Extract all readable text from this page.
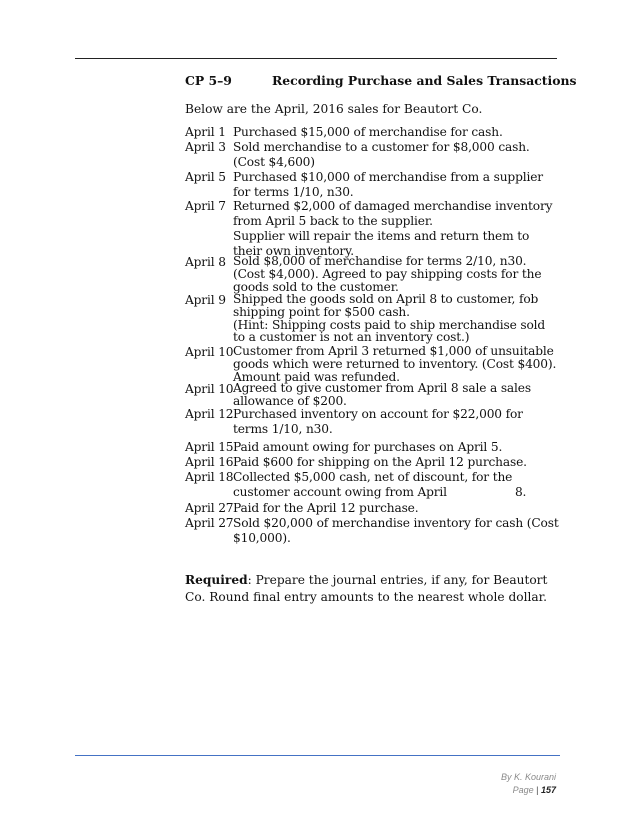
CP 5–9	Recording Purchase and Sales Transactions
Below are the April, 2016 sales for Beautort Co.
April 1 Purchased $15,000 of merchandise for cash.
April 3 Sold merchandise to a customer for $8,000 cash. (Cost $4,600)
April 5 Purchased $10,000 of merchandise from a supplier for terms 1/10, n30.
April 7 Returned $2,000 of damaged merchandise inventory from April 5 back to the supplier.
Supplier will repair the items and return them to their own inventory.
April 8 Sold $8,000 of merchandise for terms 2/10, n30. (Cost $4,000). Agreed to pay shipping costs for the goods sold to the customer.
April 9 Shipped the goods sold on April 8 to customer, fob shipping point for $500 cash.
(Hint: Shipping costs paid to ship merchandise sold to a customer is not an inventory cost.)
April 10 Customer from April 3 returned $1,000 of unsuitable goods which were returned to inventory. (Cost $400). Amount paid was refunded.
April 10 Agreed to give customer from April 8 sale a sales allowance of $200.
April 12 Purchased inventory on account for $22,000 for terms 1/10, n30.
April 15 Paid amount owing for purchases on April 5.
April 16 Paid $600 for shipping on the April 12 purchase.
April 18 Collected $5,000 cash, net of discount, for the customer account owing from April	8.
April 27 Paid for the April 12 purchase.
April 27 Sold $20,000 of merchandise inventory for cash (Cost $10,000).
Required: Prepare the journal entries, if any, for Beautort Co. Round final entry amounts to the nearest whole dollar.
By K. Kourani
Page | 157
